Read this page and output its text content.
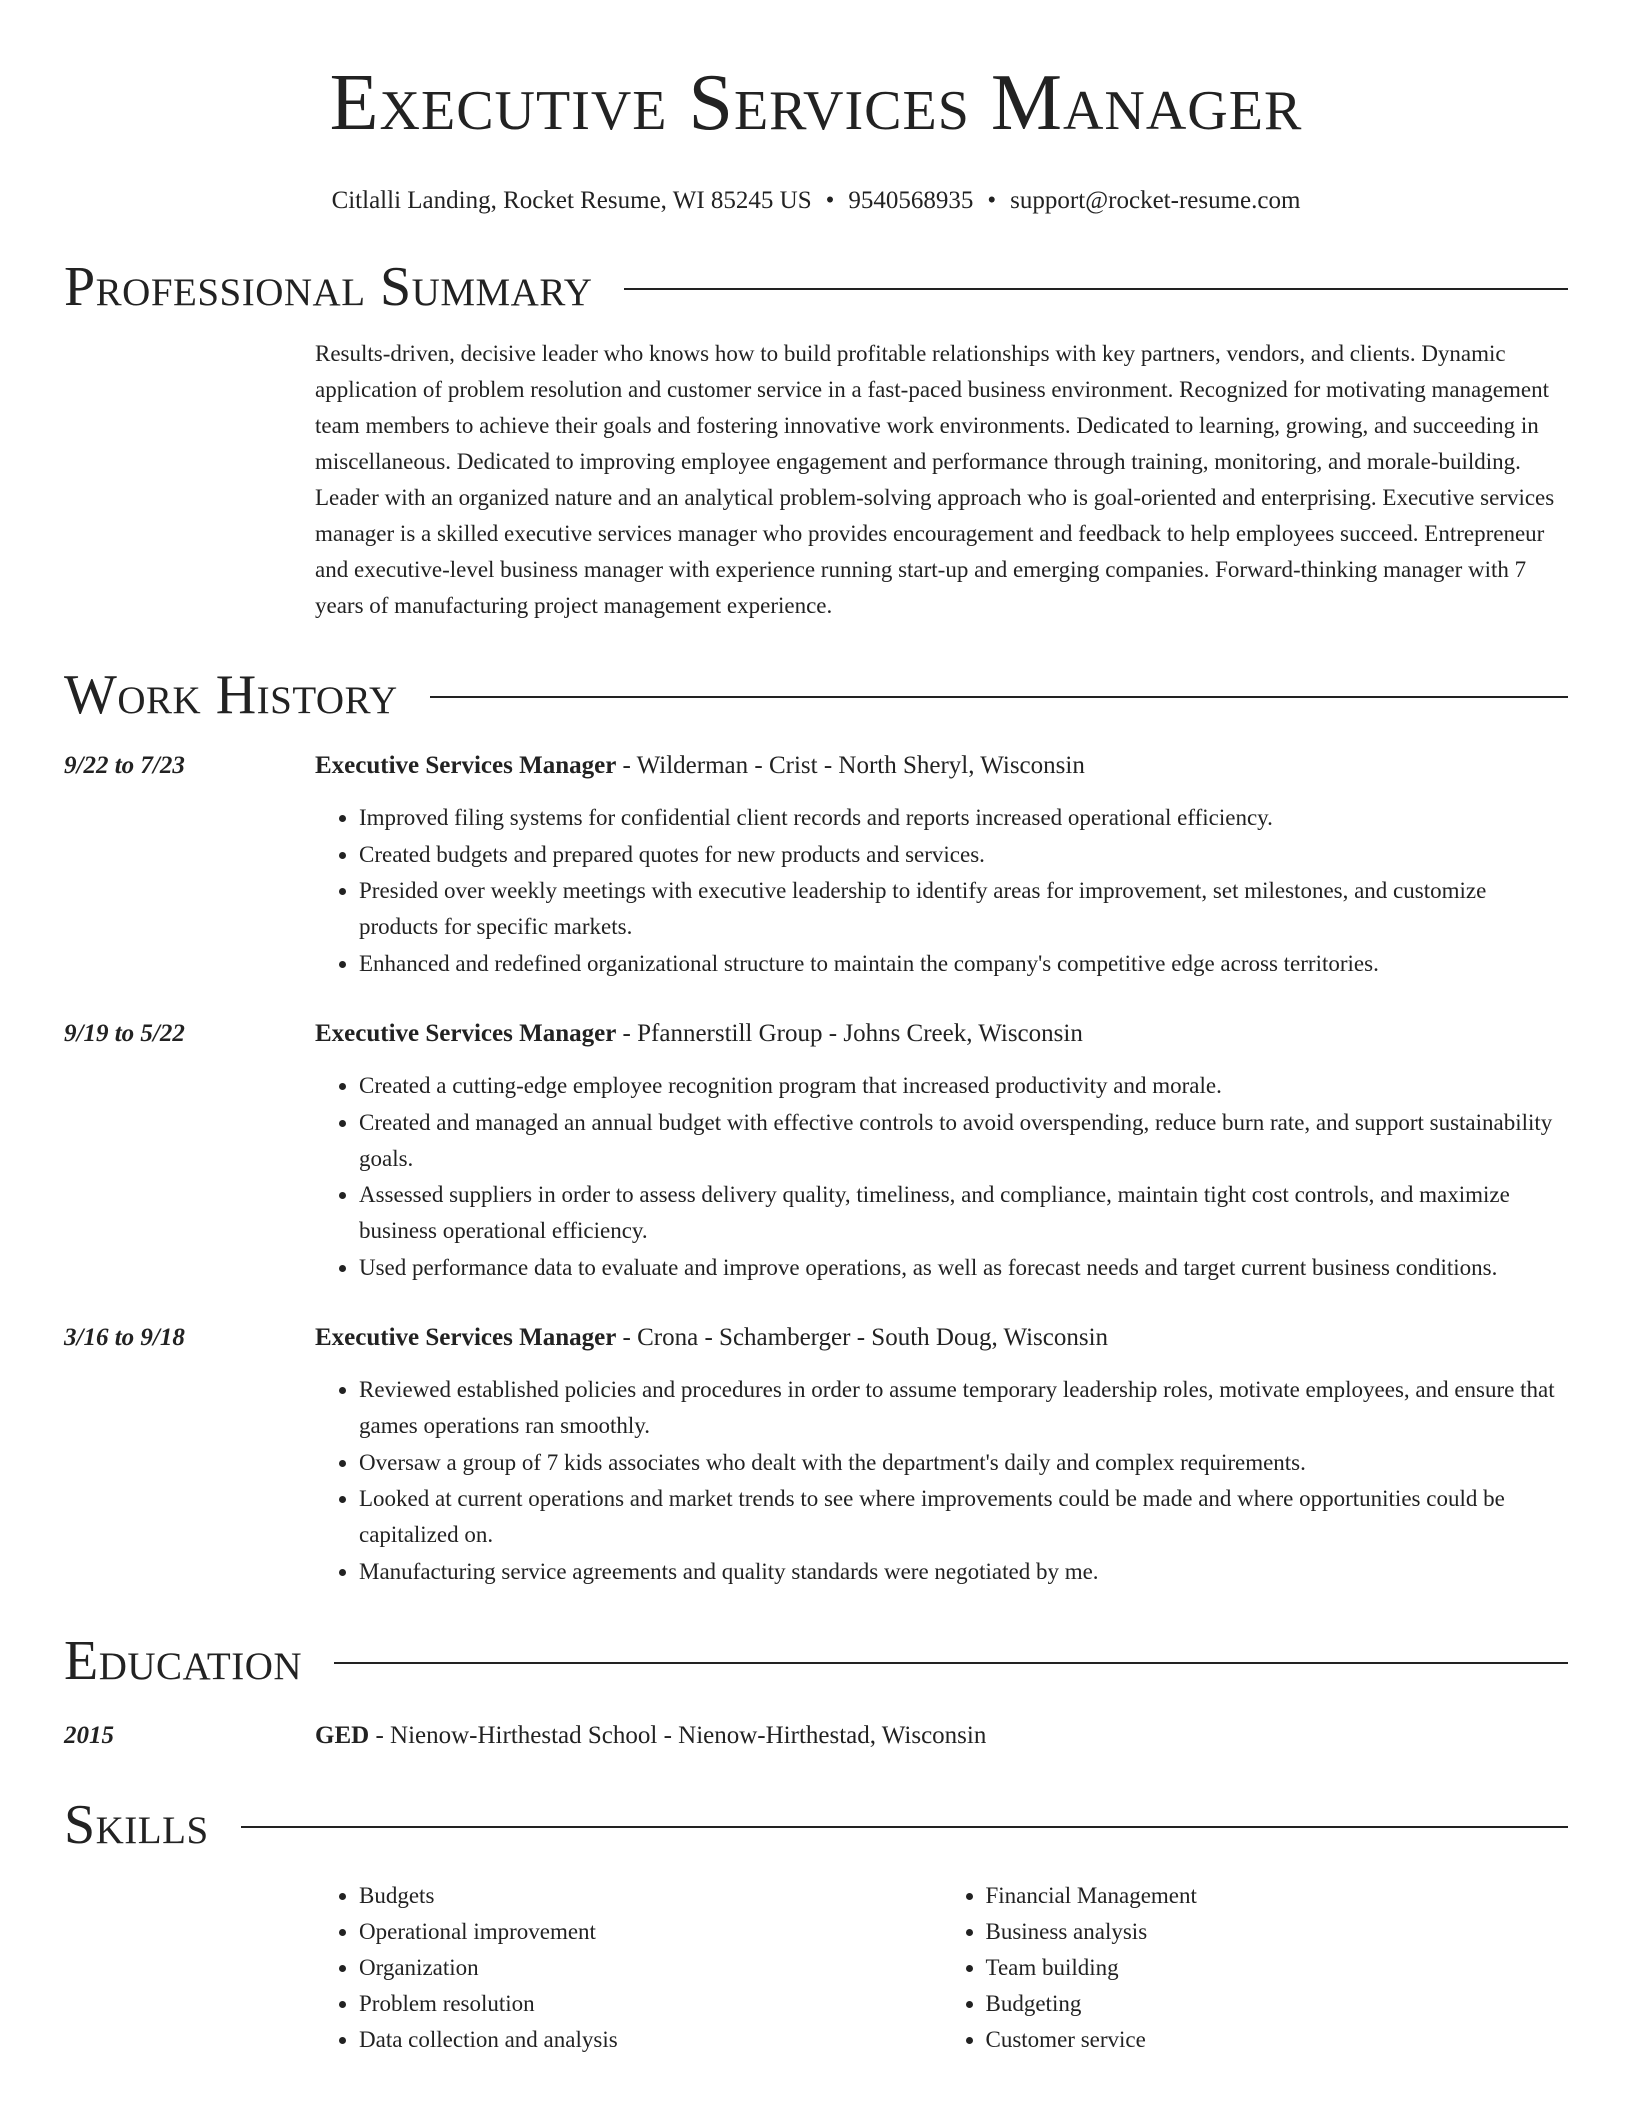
Executive Services Manager
Citlalli Landing, Rocket Resume, WI 85245 US • 9540568935 • support@rocket-resume.com
Professional Summary
Results-driven, decisive leader who knows how to build profitable relationships with key partners, vendors, and clients. Dynamic application of problem resolution and customer service in a fast-paced business environment. Recognized for motivating management team members to achieve their goals and fostering innovative work environments. Dedicated to learning, growing, and succeeding in miscellaneous. Dedicated to improving employee engagement and performance through training, monitoring, and morale-building. Leader with an organized nature and an analytical problem-solving approach who is goal-oriented and enterprising. Executive services manager is a skilled executive services manager who provides encouragement and feedback to help employees succeed. Entrepreneur and executive-level business manager with experience running start-up and emerging companies. Forward-thinking manager with 7 years of manufacturing project management experience.
Work History
9/22 to 7/23	Executive Services Manager - Wilderman - Crist - North Sheryl, Wisconsin
• Improved filing systems for confidential client records and reports increased operational efficiency.
• Created budgets and prepared quotes for new products and services.
• Presided over weekly meetings with executive leadership to identify areas for improvement, set milestones, and customize products for specific markets.
• Enhanced and redefined organizational structure to maintain the company's competitive edge across territories.
9/19 to 5/22	Executive Services Manager - Pfannerstill Group - Johns Creek, Wisconsin
• Created a cutting-edge employee recognition program that increased productivity and morale.
• Created and managed an annual budget with effective controls to avoid overspending, reduce burn rate, and support sustainability goals.
• Assessed suppliers in order to assess delivery quality, timeliness, and compliance, maintain tight cost controls, and maximize business operational efficiency.
• Used performance data to evaluate and improve operations, as well as forecast needs and target current business conditions.
3/16 to 9/18	Executive Services Manager - Crona - Schamberger - South Doug, Wisconsin
• Reviewed established policies and procedures in order to assume temporary leadership roles, motivate employees, and ensure that games operations ran smoothly.
• Oversaw a group of 7 kids associates who dealt with the department's daily and complex requirements.
• Looked at current operations and market trends to see where improvements could be made and where opportunities could be capitalized on.
• Manufacturing service agreements and quality standards were negotiated by me.
Education
2015	GED - Nienow-Hirthestad School - Nienow-Hirthestad, Wisconsin
Skills
• Budgets
• Operational improvement
• Organization
• Problem resolution
• Data collection and analysis
• Financial Management
• Business analysis
• Team building
• Budgeting
• Customer service
